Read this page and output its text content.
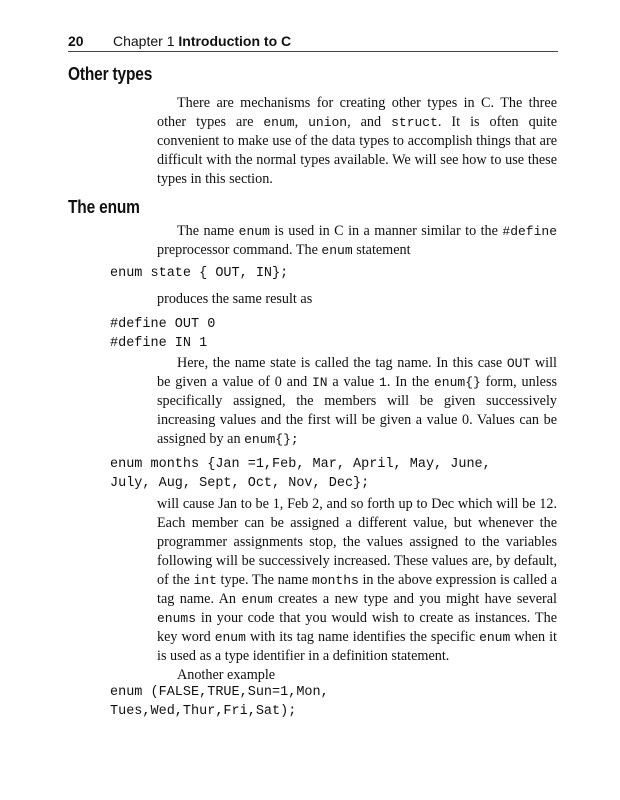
20 Chapter 1 Introduction to C
Other types

There are mechanisms for creating other types in C. The three other types are enum, union, and struct. It is often quite convenient to make use of the data types to accomplish things that are difficult with the normal types available. We will see how to use these types in this section.

The enum

The name enum is used in C in a manner similar to the #define preprocessor command. The enum statement

enum state { OUT, IN};

produces the same result as

#define OUT 0
#define IN 1

Here, the name state is called the tag name. In this case OUT will be given a value of 0 and IN a value 1. In the enum{} form, unless specifically assigned, the members will be given successively increasing values and the first will be given a value 0. Values can be assigned by an enum{};

enum months {Jan =1,Feb, Mar, April, May, June,
July, Aug, Sept, Oct, Nov, Dec};

will cause Jan to be 1, Feb 2, and so forth up to Dec which will be 12. Each member can be assigned a different value, but whenever the programmer assignments stop, the values assigned to the variables following will be successively increased. These values are, by default, of the int type. The name months in the above expression is called a tag name. An enum creates a new type and you might have several enums in your code that you would wish to create as instances. The key word enum with its tag name identifies the specific enum when it is used as a type identifier in a definition statement.
Another example

enum (FALSE,TRUE,Sun=1,Mon,
Tues,Wed,Thur,Fri,Sat);
